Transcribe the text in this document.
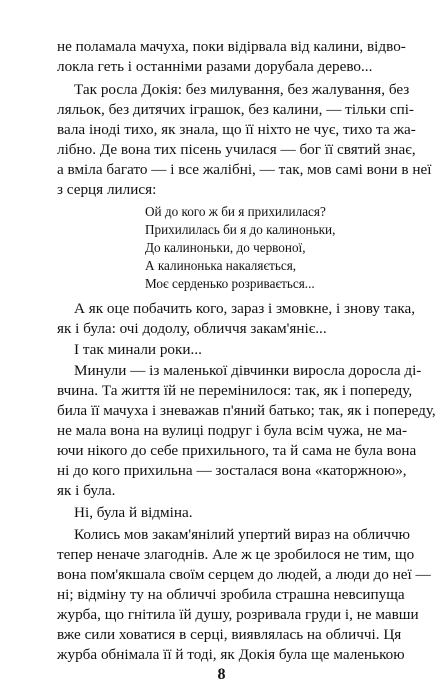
не поламала мачуха, поки відірвала від калини, відво-
локла геть і останніми разами дорубала дерево...
Так росла Докія: без милування, без жалування, без
ляльок, без дитячих іграшок, без калини, — тільки спі-
вала іноді тихо, як знала, що її ніхто не чує, тихо та жа-
лібно. Де вона тих пісень училася — бог її святий знає,
а вміла багато — і все жалібні, — так, мов самі вони в неї
з серця лилися:
Ой до кого ж би я прихилилася?
Прихилилась би я до калиноньки,
До калиноньки, до червоної,
А калинонька накаляється,
Моє серденько розривається...
А як оце побачить кого, зараз і змовкне, і знову така,
як і була: очі додолу, обличчя закам'яніє...
І так минали роки...
Минули — із маленької дівчинки виросла доросла ді-
вчина. Та життя їй не перемінилося: так, як і попереду,
била її мачуха і зневажав п'яний батько; так, як і попереду,
не мала вона на вулиці подруг і була всім чужа, не ма-
ючи нікого до себе прихильного, та й сама не була вона
ні до кого прихильна — зосталася вона «каторжною»,
як і була.
Ні, була й відміна.
Колись мов закам'янілий упертий вираз на обличчю
тепер неначе злагоднів. Але ж це зробилося не тим, що
вона пом'якшала своїм серцем до людей, а люди до неї —
ні; відміну ту на обличчі зробила страшна невсипуща
журба, що гнітила їй душу, розривала груди і, не мавши
вже сили ховатися в серці, виявлялась на обличчі. Ця
журба обнімала її й тоді, як Докія була ще маленькою
8
